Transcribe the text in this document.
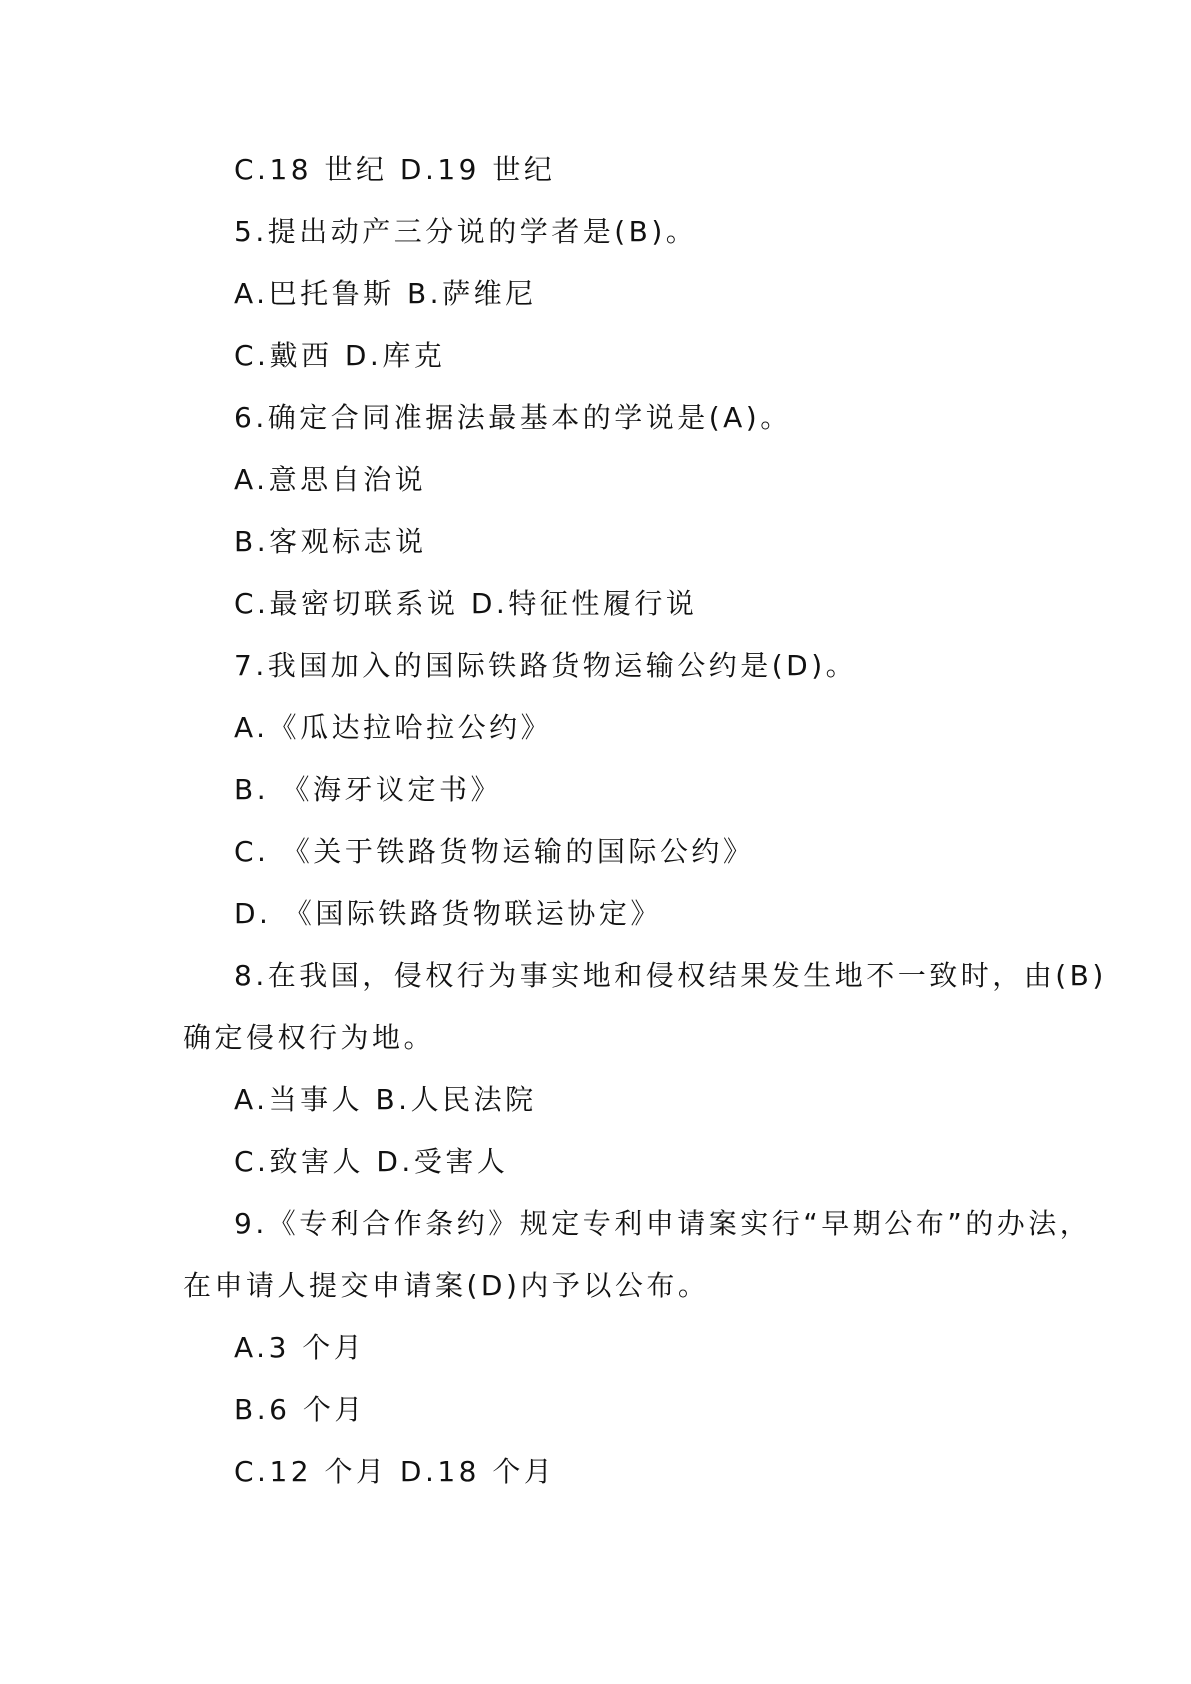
C.18 世纪 D.19 世纪
5.提出动产三分说的学者是(B)。
A.巴托鲁斯 B.萨维尼
C.戴西 D.库克
6.确定合同准据法最基本的学说是(A)。
A.意思自治说
B.客观标志说
C.最密切联系说 D.特征性履行说
7.我国加入的国际铁路货物运输公约是(D)。
A.《瓜达拉哈拉公约》
B. 《海牙议定书》
C. 《关于铁路货物运输的国际公约》
D. 《国际铁路货物联运协定》
8.在我国，侵权行为事实地和侵权结果发生地不一致时，由(B)
确定侵权行为地。
A.当事人 B.人民法院
C.致害人 D.受害人
9.《专利合作条约》规定专利申请案实行“早期公布”的办法，
在申请人提交申请案(D)内予以公布。
A.3 个月
B.6 个月
C.12 个月 D.18 个月
